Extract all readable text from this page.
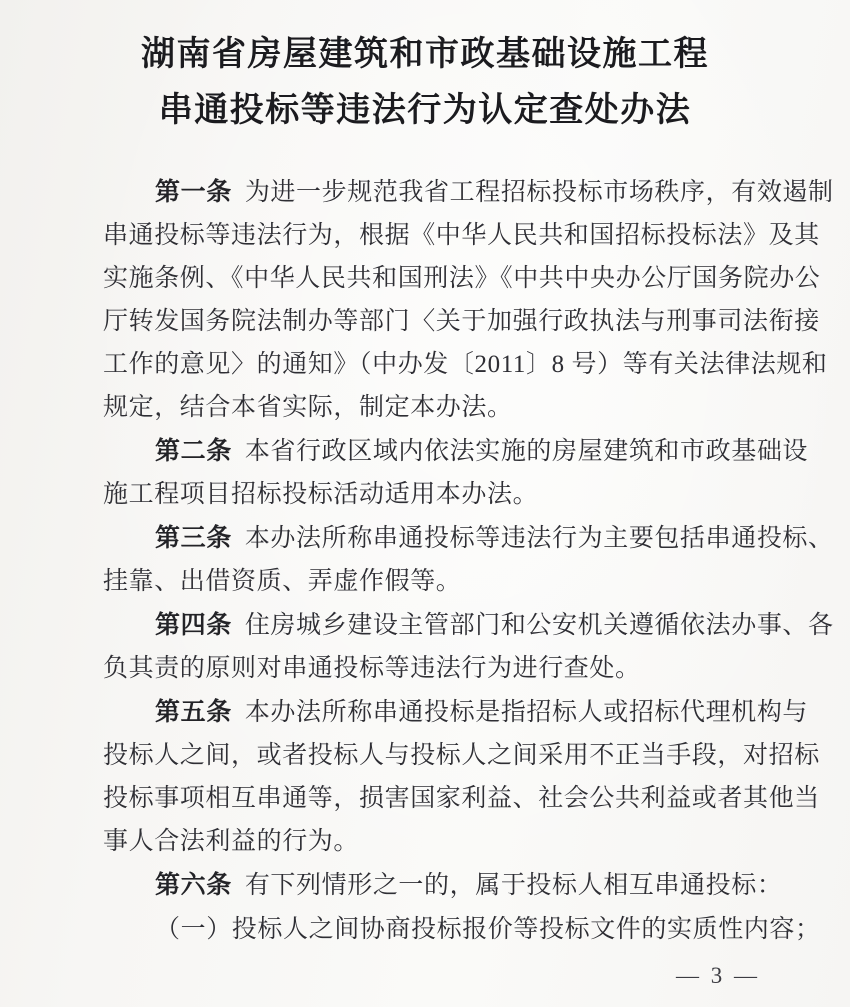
湖南省房屋建筑和市政基础设施工程
串通投标等违法行为认定查处办法
第一条 为进一步规范我省工程招标投标市场秩序，有效遏制
串通投标等违法行为，根据《中华人民共和国招标投标法》及其
实施条例、《中华人民共和国刑法》《中共中央办公厅国务院办公
厅转发国务院法制办等部门〈关于加强行政执法与刑事司法衔接
工作的意见〉的通知》（中办发〔2011〕8 号）等有关法律法规和
规定，结合本省实际，制定本办法。
第二条 本省行政区域内依法实施的房屋建筑和市政基础设
施工程项目招标投标活动适用本办法。
第三条 本办法所称串通投标等违法行为主要包括串通投标、
挂靠、出借资质、弄虚作假等。
第四条 住房城乡建设主管部门和公安机关遵循依法办事、各
负其责的原则对串通投标等违法行为进行查处。
第五条 本办法所称串通投标是指招标人或招标代理机构与
投标人之间，或者投标人与投标人之间采用不正当手段，对招标
投标事项相互串通等，损害国家利益、社会公共利益或者其他当
事人合法利益的行为。
第六条 有下列情形之一的，属于投标人相互串通投标：
（一）投标人之间协商投标报价等投标文件的实质性内容；
— 3 —
